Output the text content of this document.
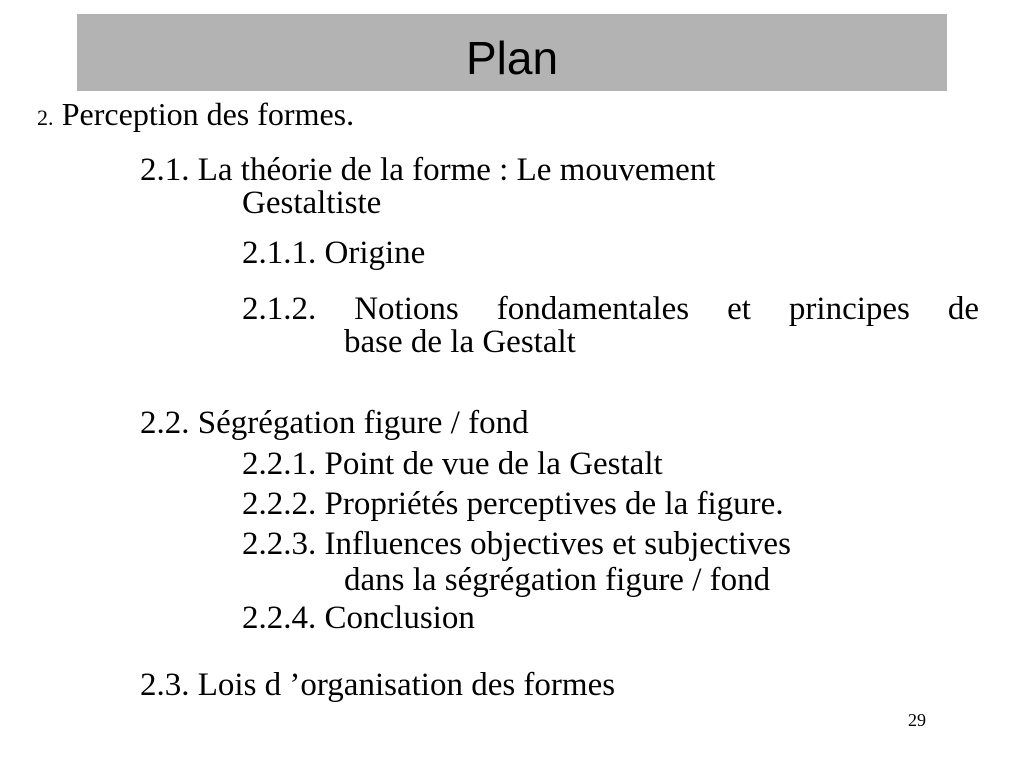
Plan
2. Perception des formes.
2.1. La théorie de la forme : Le mouvement
Gestaltiste
2.1.1. Origine
2.1.2. Notions fondamentales et principes de
base de la Gestalt
2.2. Ségrégation figure / fond
2.2.1. Point de vue de la Gestalt
2.2.2. Propriétés perceptives de la figure.
2.2.3. Influences objectives et subjectives
dans la ségrégation figure / fond
2.2.4. Conclusion
2.3. Lois d ’organisation des formes
29
